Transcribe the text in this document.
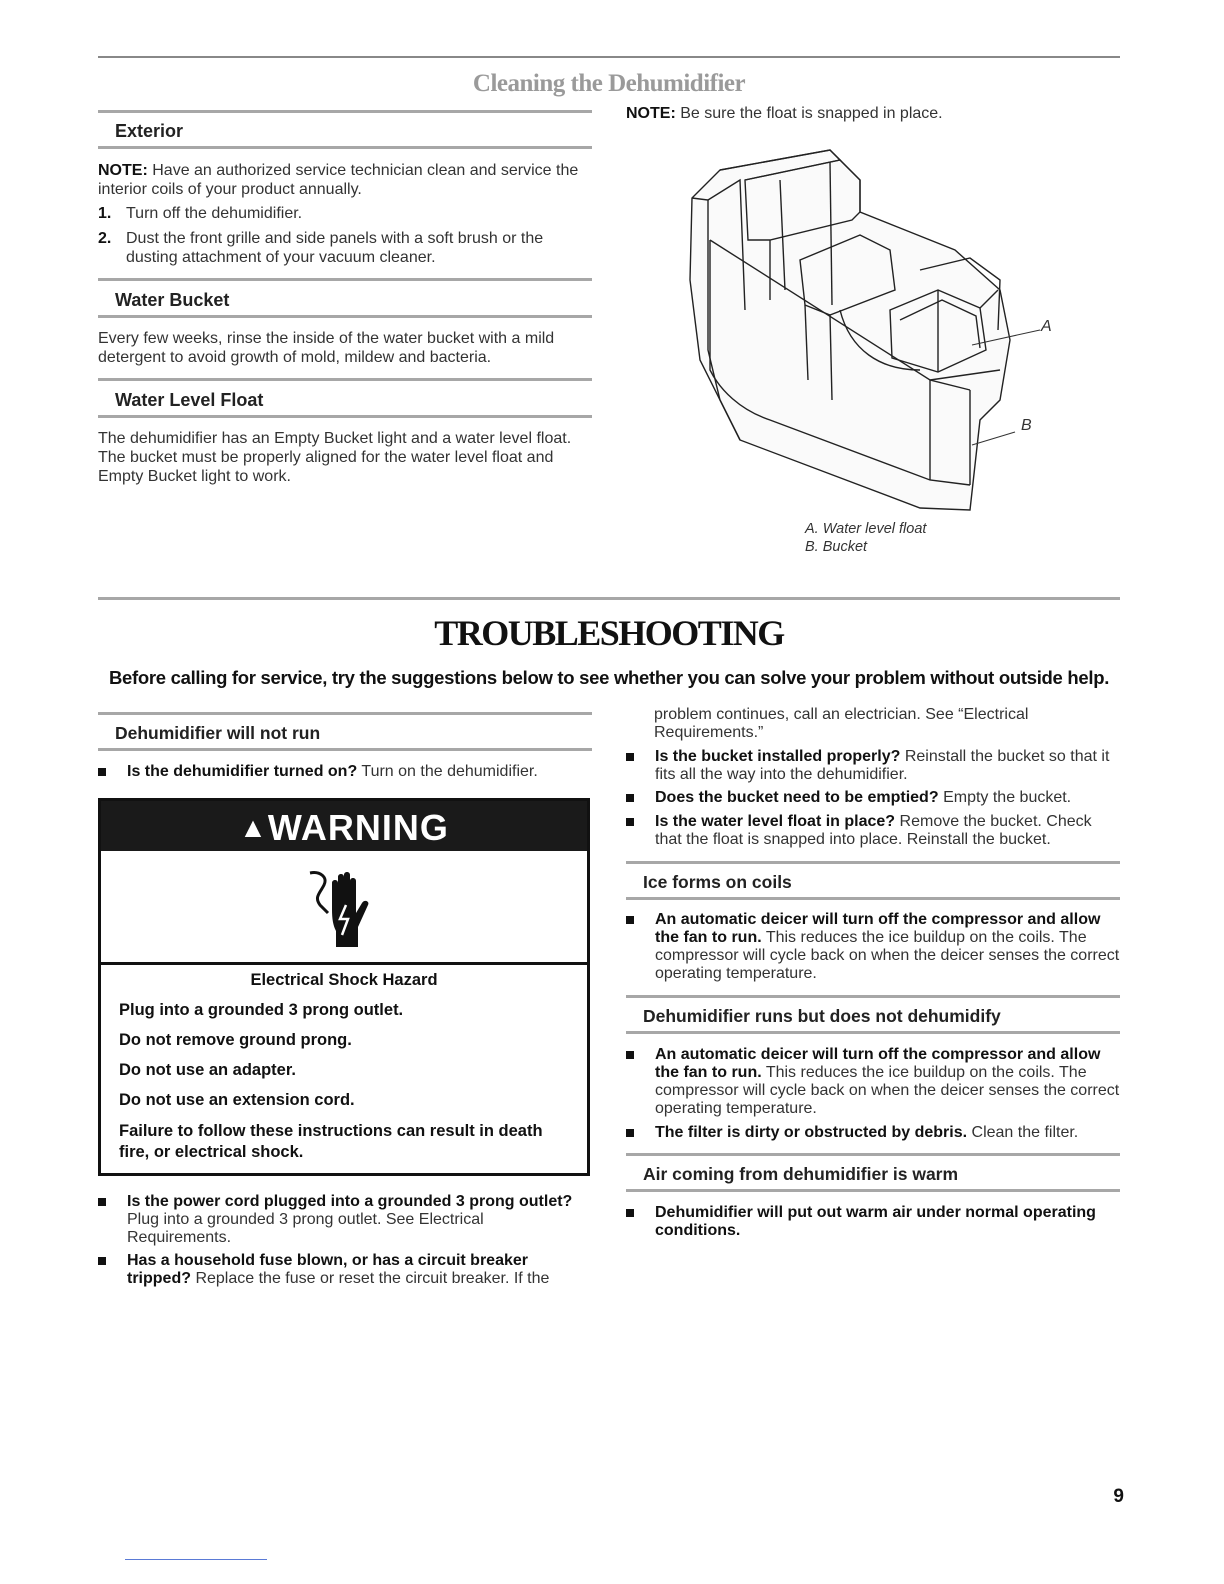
Cleaning the Dehumidifier
Exterior
NOTE: Have an authorized service technician clean and service the interior coils of your product annually.
1. Turn off the dehumidifier.
2. Dust the front grille and side panels with a soft brush or the dusting attachment of your vacuum cleaner.
Water Bucket
Every few weeks, rinse the inside of the water bucket with a mild detergent to avoid growth of mold, mildew and bacteria.
Water Level Float
The dehumidifier has an Empty Bucket light and a water level float. The bucket must be properly aligned for the water level float and Empty Bucket light to work.
NOTE: Be sure the float is snapped in place.
A
B
A. Water level float
B. Bucket
TROUBLESHOOTING
Before calling for service, try the suggestions below to see whether you can solve your problem without outside help.
Dehumidifier will not run
Is the dehumidifier turned on? Turn on the dehumidifier.
▲WARNING
Electrical Shock Hazard
Plug into a grounded 3 prong outlet.
Do not remove ground prong.
Do not use an adapter.
Do not use an extension cord.
Failure to follow these instructions can result in death fire, or electrical shock.
Is the power cord plugged into a grounded 3 prong outlet? Plug into a grounded 3 prong outlet. See Electrical Requirements.
Has a household fuse blown, or has a circuit breaker tripped? Replace the fuse or reset the circuit breaker. If the
problem continues, call an electrician. See “Electrical Requirements.”
Is the bucket installed properly? Reinstall the bucket so that it fits all the way into the dehumidifier.
Does the bucket need to be emptied? Empty the bucket.
Is the water level float in place? Remove the bucket. Check that the float is snapped into place. Reinstall the bucket.
Ice forms on coils
An automatic deicer will turn off the compressor and allow the fan to run. This reduces the ice buildup on the coils. The compressor will cycle back on when the deicer senses the correct operating temperature.
Dehumidifier runs but does not dehumidify
An automatic deicer will turn off the compressor and allow the fan to run. This reduces the ice buildup on the coils. The compressor will cycle back on when the deicer senses the correct operating temperature.
The filter is dirty or obstructed by debris. Clean the filter.
Air coming from dehumidifier is warm
Dehumidifier will put out warm air under normal operating conditions.
9
